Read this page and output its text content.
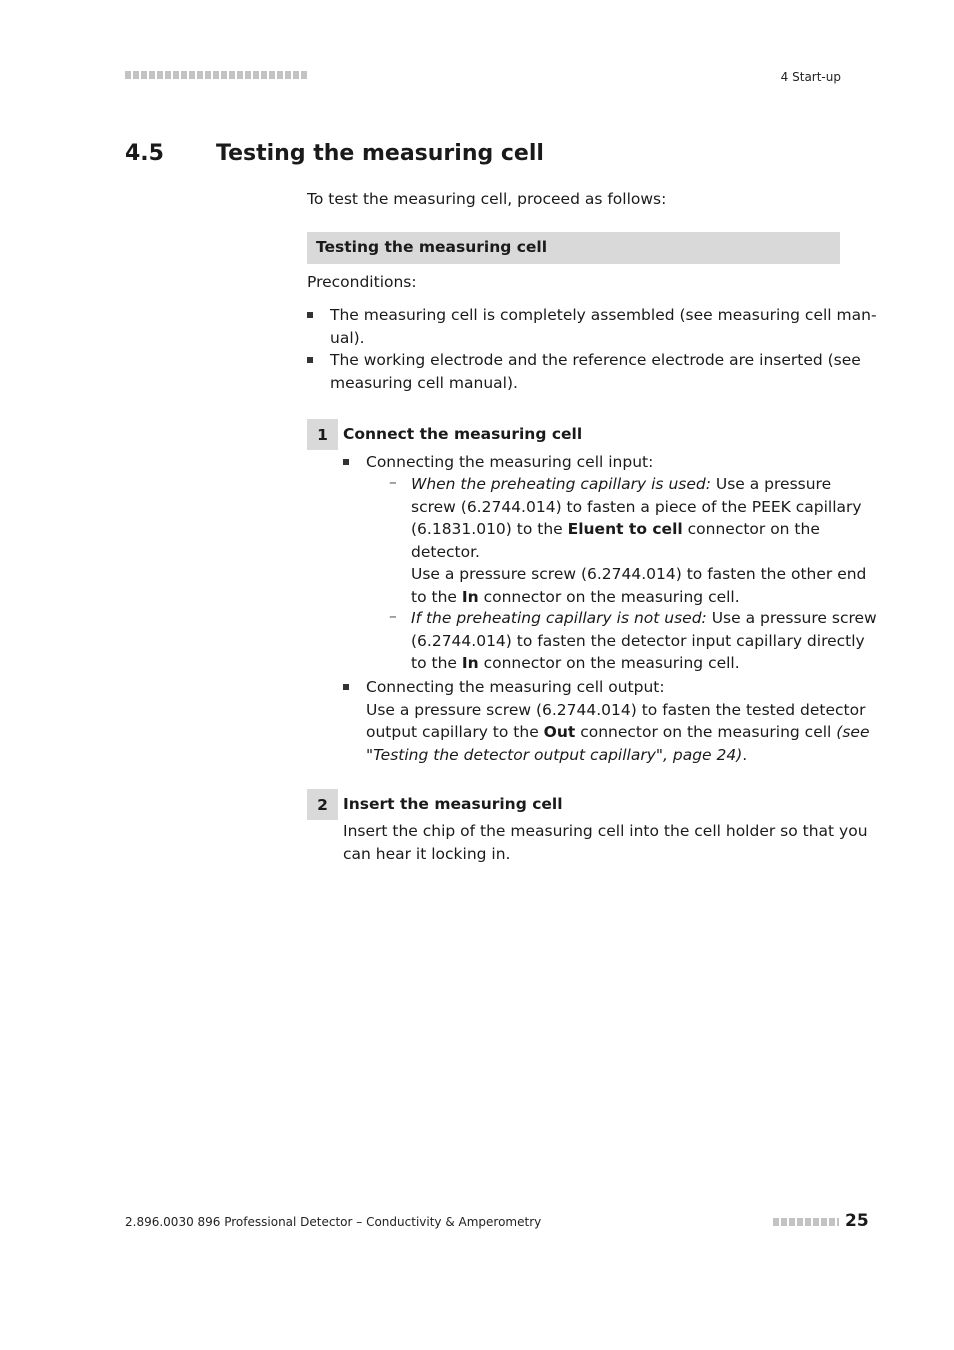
4 Start-up
4.5 Testing the measuring cell
To test the measuring cell, proceed as follows:
Testing the measuring cell
Preconditions:
The measuring cell is completely assembled (see measuring cell man-
ual).
The working electrode and the reference electrode are inserted (see
measuring cell manual).
1 Connect the measuring cell
Connecting the measuring cell input:
– When the preheating capillary is used: Use a pressure
screw (6.2744.014) to fasten a piece of the PEEK capillary
(6.1831.010) to the Eluent to cell connector on the
detector.
Use a pressure screw (6.2744.014) to fasten the other end
to the In connector on the measuring cell.
– If the preheating capillary is not used: Use a pressure screw
(6.2744.014) to fasten the detector input capillary directly
to the In connector on the measuring cell.
Connecting the measuring cell output:
Use a pressure screw (6.2744.014) to fasten the tested detector
output capillary to the Out connector on the measuring cell (see
"Testing the detector output capillary", page 24).
2 Insert the measuring cell
Insert the chip of the measuring cell into the cell holder so that you
can hear it locking in.
2.896.0030 896 Professional Detector – Conductivity & Amperometry	25
